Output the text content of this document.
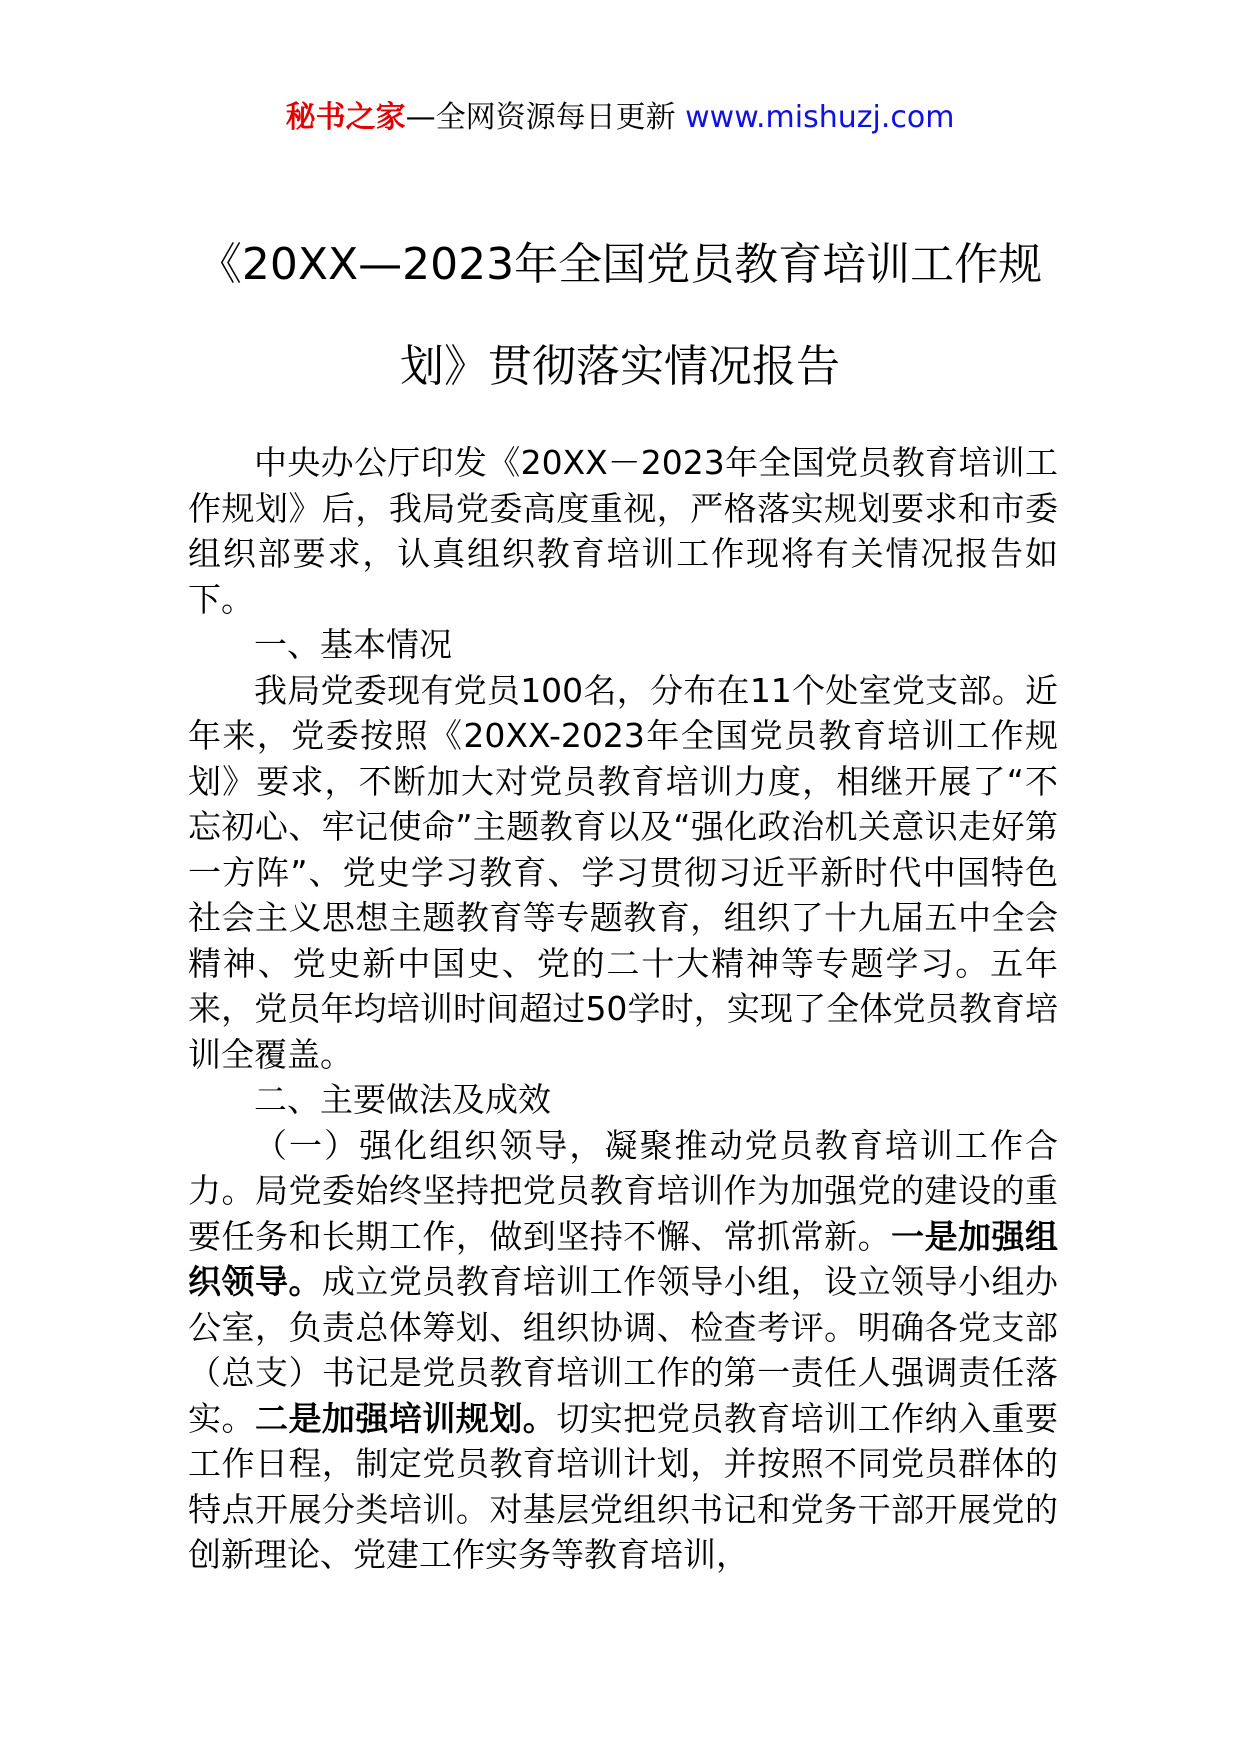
秘书之家—全网资源每日更新 www.mishuzj.com
《20XX—2023年全国党员教育培训工作规
划》贯彻落实情况报告

中央办公厅印发《20XX－2023年全国党员教育培训工作规划》后，我局党委高度重视，严格落实规划要求和市委组织部要求，认真组织教育培训工作现将有关情况报告如下。

一、基本情况

我局党委现有党员100名，分布在11个处室党支部。近年来，党委按照《20XX-2023年全国党员教育培训工作规划》要求，不断加大对党员教育培训力度，相继开展了“不忘初心、牢记使命”主题教育以及“强化政治机关意识走好第一方阵”、党史学习教育、学习贯彻习近平新时代中国特色社会主义思想主题教育等专题教育，组织了十九届五中全会精神、党史新中国史、党的二十大精神等专题学习。五年来，党员年均培训时间超过50学时，实现了全体党员教育培训全覆盖。

二、主要做法及成效

（一）强化组织领导，凝聚推动党员教育培训工作合力。局党委始终坚持把党员教育培训作为加强党的建设的重要任务和长期工作，做到坚持不懈、常抓常新。一是加强组织领导。成立党员教育培训工作领导小组，设立领导小组办公室，负责总体筹划、组织协调、检查考评。明确各党支部（总支）书记是党员教育培训工作的第一责任人强调责任落实。二是加强培训规划。切实把党员教育培训工作纳入重要工作日程，制定党员教育培训计划，并按照不同党员群体的特点开展分类培训。对基层党组织书记和党务干部开展党的创新理论、党建工作实务等教育培训，
